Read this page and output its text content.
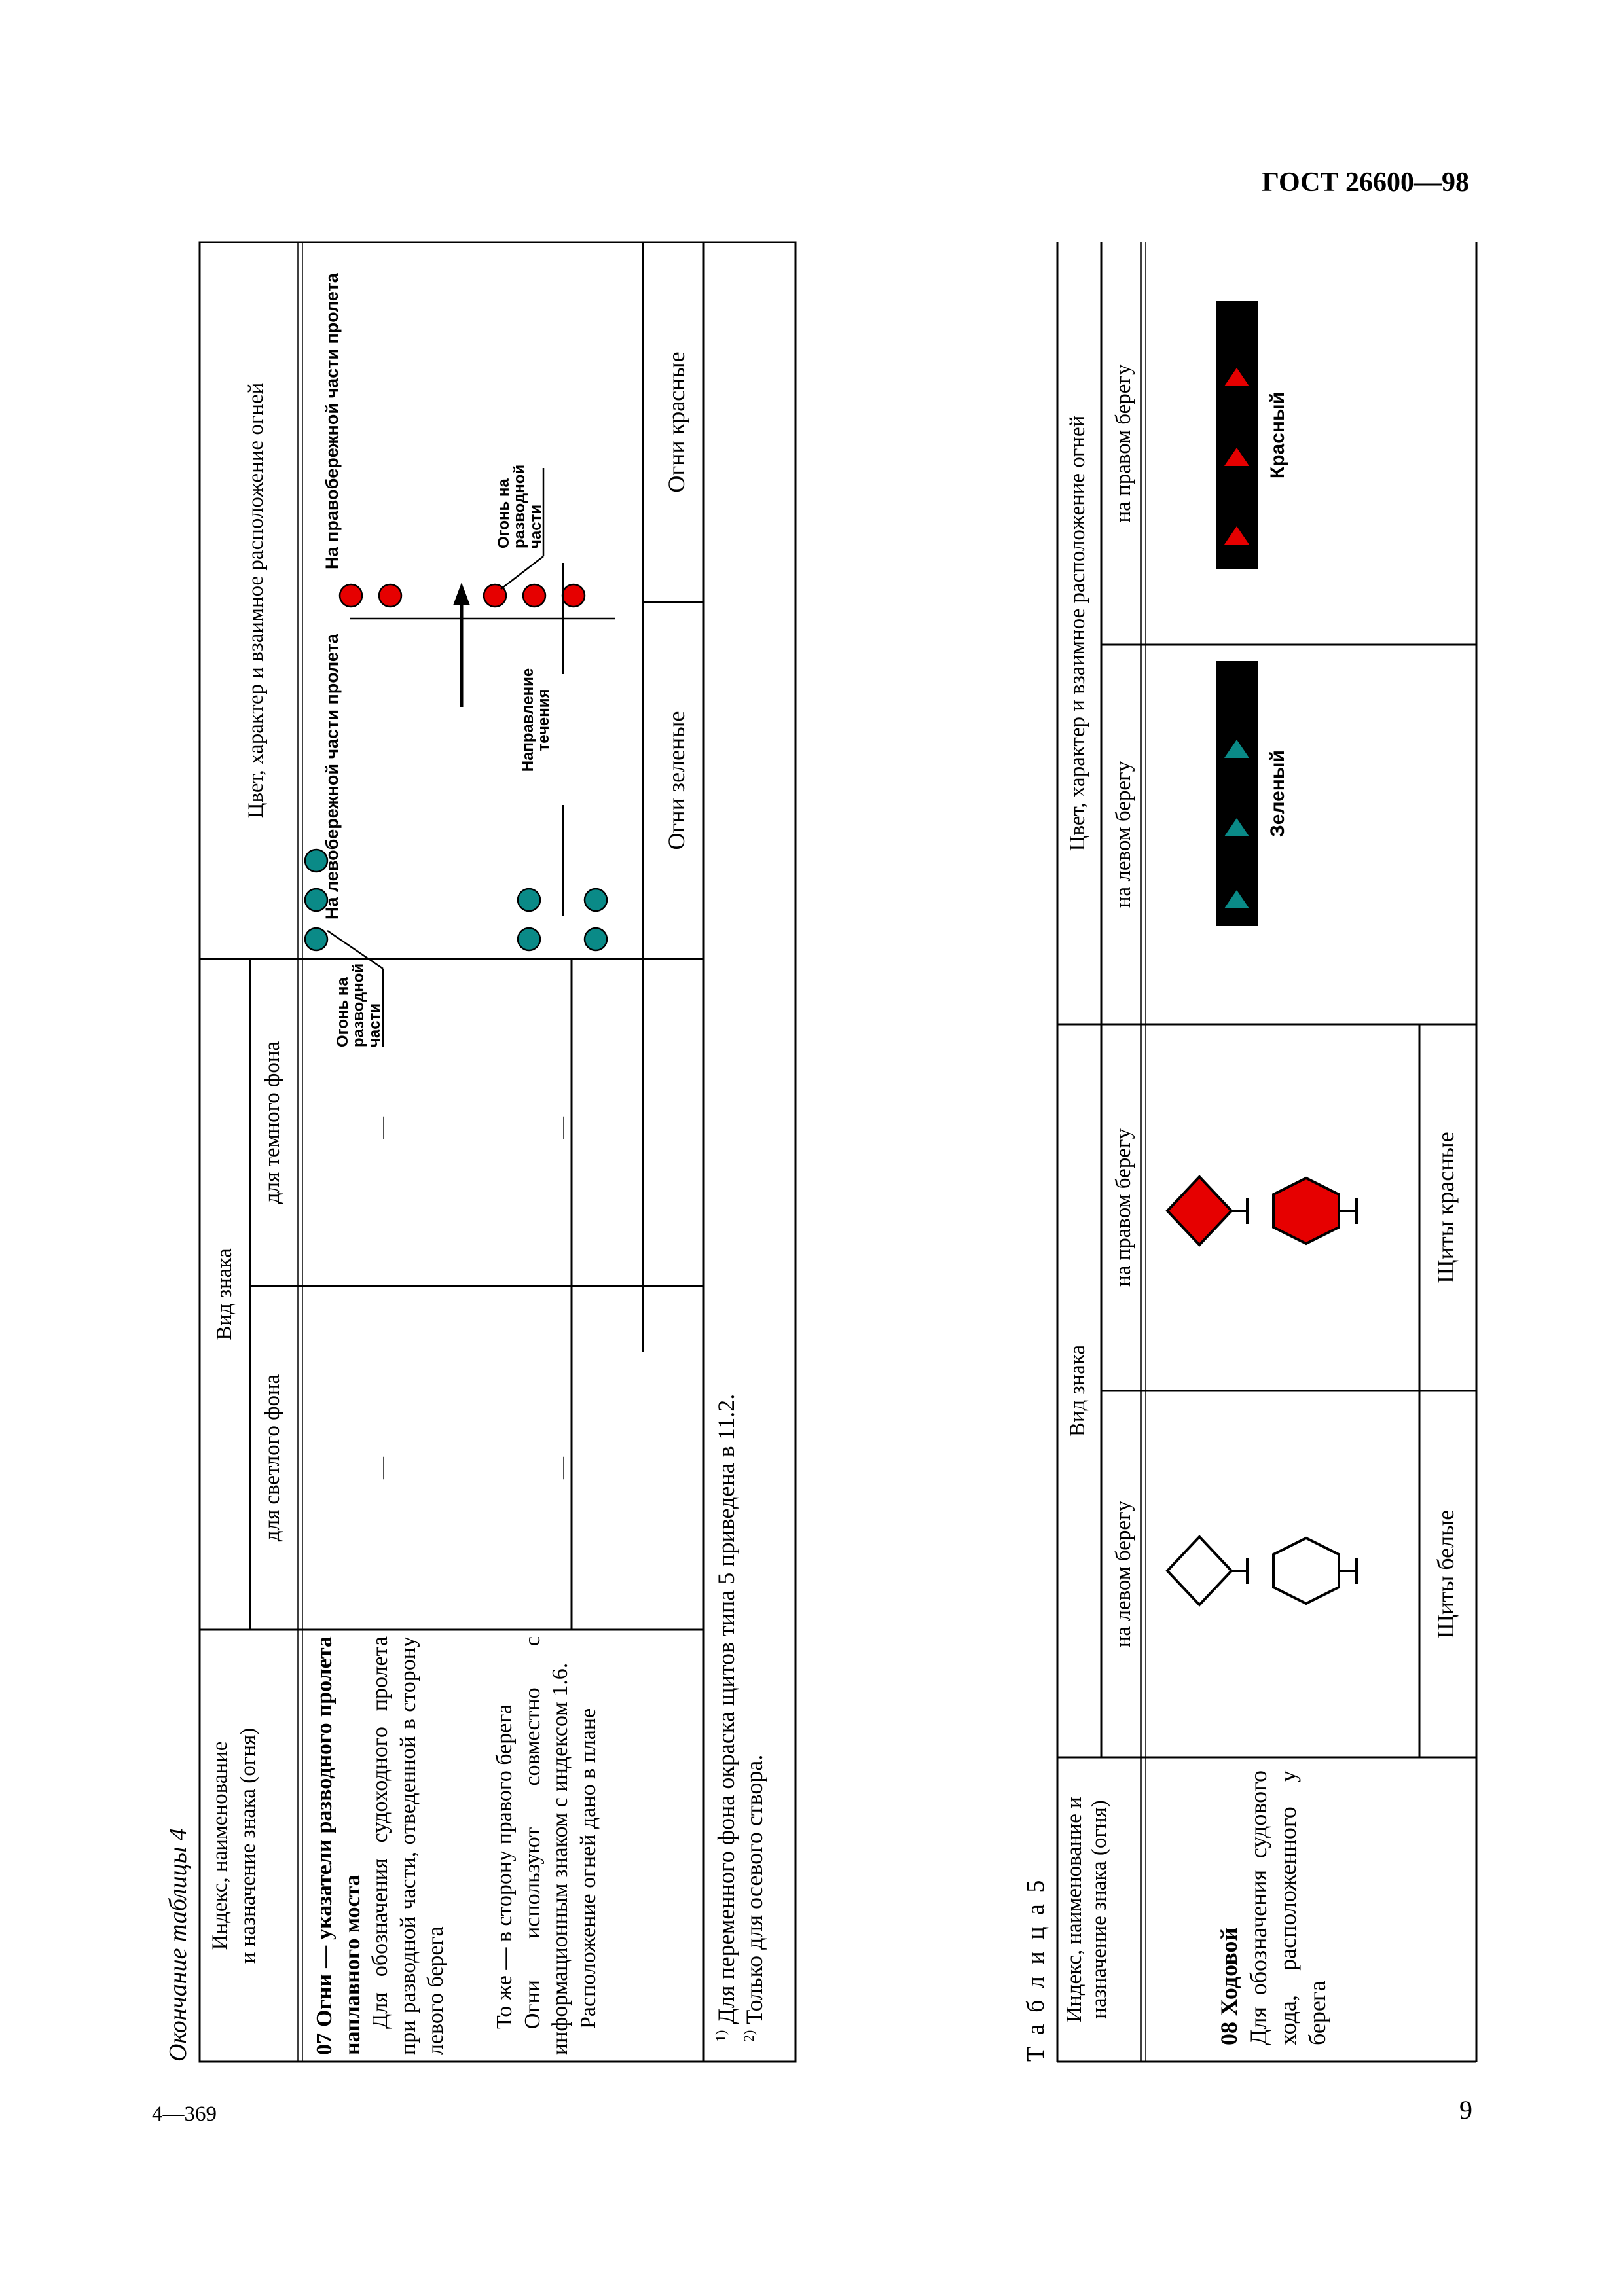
ГОСТ 26600—98
9
4—369
Окончание таблицы 4 Индекс, наименование и назначение знака (огня)
Вид знака
для светлого фона
для темного фона
Цвет, характер и взаимное расположение огней
07 Огни — указатели разводного пролета наплавного моста Для обозначения судоходного пролета при разводной части, отведенной в сторону левого берега То же — в сторону правого берега Огни используют совместно с информационным знаком с индексом 1.6. Расположение огней дано в плане
—
—
—
—
На левобережной части пролета
На правобережной части пролета
Огонь на
разводной
части
Огонь на
разводной
части
Направление
течения	Огни зеленые
Огни красные
$^{1)}$ Для переменного фона окраска щитов типа 5 приведена в 11.2.
$^{2)}$ Только для осевого створа.	Т а б л и ц а 5 Индекс, наименование и назначение знака (огня)
Вид знака
на левом берегу
на правом берегу
Цвет, характер и взаимное расположение огней на левом берегу
на правом берегу
08 Ходовой Для обозначения судового хода, расположенного у берега
Щиты белые
Щиты красные
Зеленый
Красный
